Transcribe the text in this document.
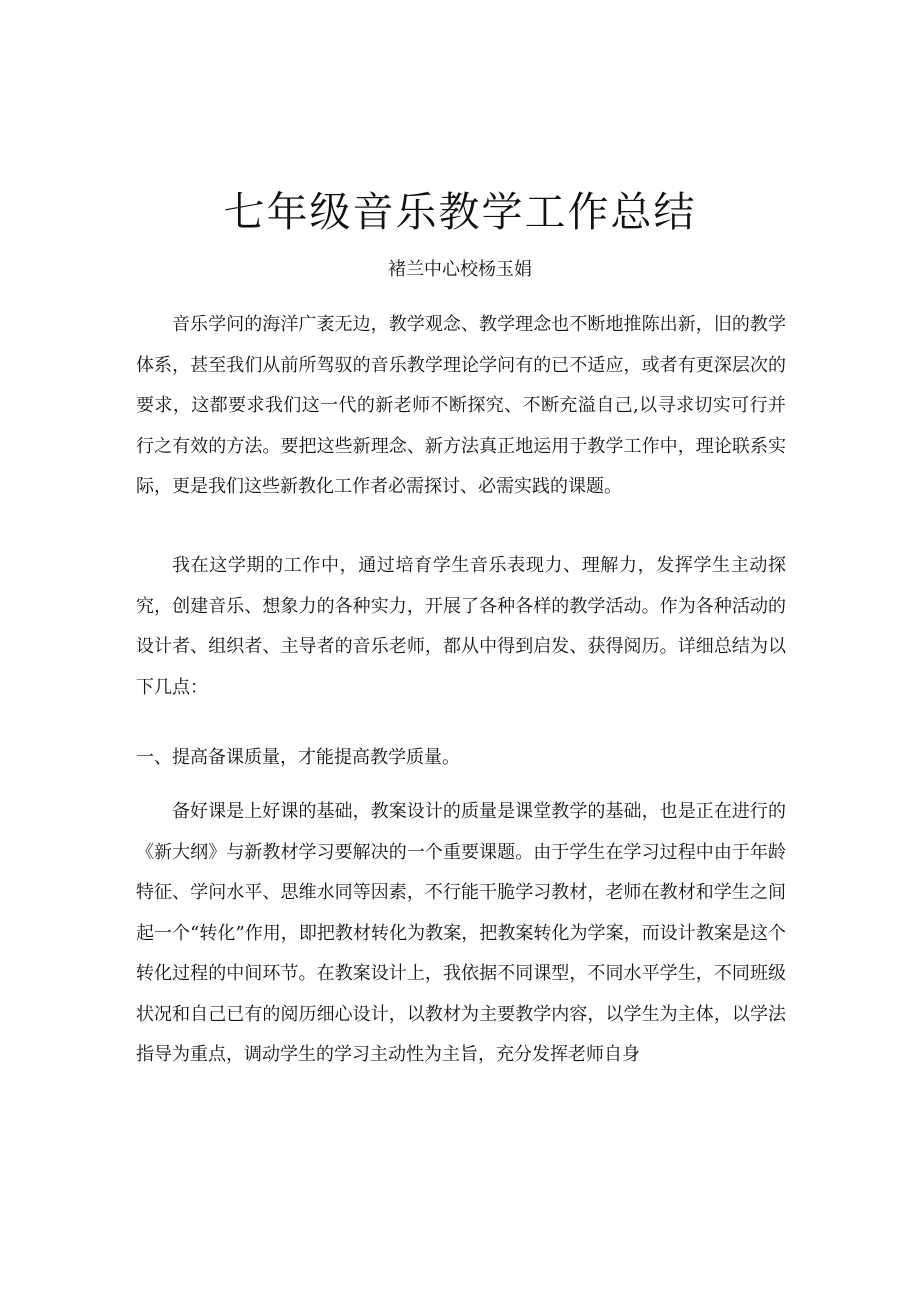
七年级音乐教学工作总结

褚兰中心校杨玉娟

音乐学问的海洋广袤无边，教学观念、教学理念也不断地推陈出新，旧的教学体系，甚至我们从前所驾驭的音乐教学理论学问有的已不适应，或者有更深层次的要求，这都要求我们这一代的新老师不断探究、不断充溢自己,以寻求切实可行并行之有效的方法。要把这些新理念、新方法真正地运用于教学工作中，理论联系实际，更是我们这些新教化工作者必需探讨、必需实践的课题。

我在这学期的工作中，通过培育学生音乐表现力、理解力，发挥学生主动探究，创建音乐、想象力的各种实力，开展了各种各样的教学活动。作为各种活动的设计者、组织者、主导者的音乐老师，都从中得到启发、获得阅历。详细总结为以下几点：

一、提高备课质量，才能提高教学质量。

备好课是上好课的基础，教案设计的质量是课堂教学的基础，也是正在进行的《新大纲》与新教材学习要解决的一个重要课题。由于学生在学习过程中由于年龄特征、学问水平、思维水同等因素，不行能干脆学习教材，老师在教材和学生之间起一个“转化”作用，即把教材转化为教案，把教案转化为学案，而设计教案是这个转化过程的中间环节。在教案设计上，我依据不同课型，不同水平学生，不同班级状况和自己已有的阅历细心设计，以教材为主要教学内容，以学生为主体，以学法指导为重点，调动学生的学习主动性为主旨，充分发挥老师自身
